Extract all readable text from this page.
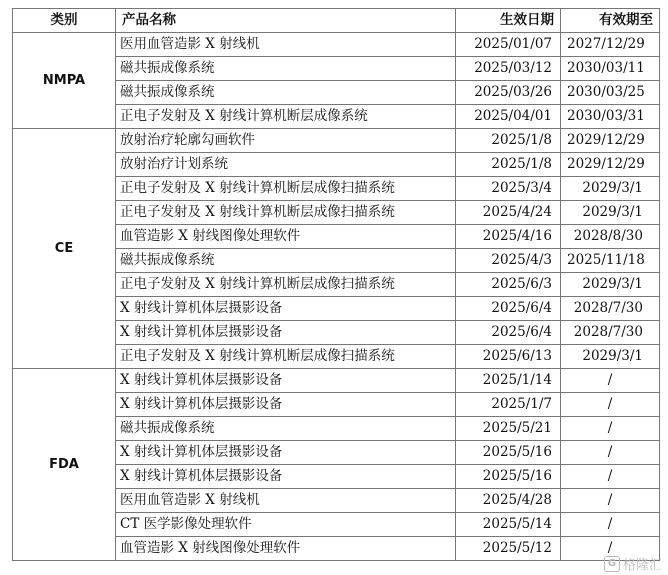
类别	产品名称	生效日期	有效期至
NMPA	医用血管造影 X 射线机	2025/01/07	2027/12/29
	磁共振成像系统	2025/03/12	2030/03/11
	磁共振成像系统	2025/03/26	2030/03/25
	正电子发射及 X 射线计算机断层成像系统	2025/04/01	2030/03/31
CE	放射治疗轮廓勾画软件	2025/1/8	2029/12/29
	放射治疗计划系统	2025/1/8	2029/12/29
	正电子发射及 X 射线计算机断层成像扫描系统	2025/3/4	2029/3/1
	正电子发射及 X 射线计算机断层成像扫描系统	2025/4/24	2029/3/1
	血管造影 X 射线图像处理软件	2025/4/16	2028/8/30
	磁共振成像系统	2025/4/3	2025/11/18
	正电子发射及 X 射线计算机断层成像扫描系统	2025/6/3	2029/3/1
	X 射线计算机体层摄影设备	2025/6/4	2028/7/30
	X 射线计算机体层摄影设备	2025/6/4	2028/7/30
	正电子发射及 X 射线计算机断层成像扫描系统	2025/6/13	2029/3/1
FDA	X 射线计算机体层摄影设备	2025/1/14	/
	X 射线计算机体层摄影设备	2025/1/7	/
	磁共振成像系统	2025/5/21	/
	X 射线计算机体层摄影设备	2025/5/16	/
	X 射线计算机体层摄影设备	2025/5/16	/
	医用血管造影 X 射线机	2025/4/28	/
	CT 医学影像处理软件	2025/5/14	/
	血管造影 X 射线图像处理软件	2025/5/12	/
G 格隆汇
